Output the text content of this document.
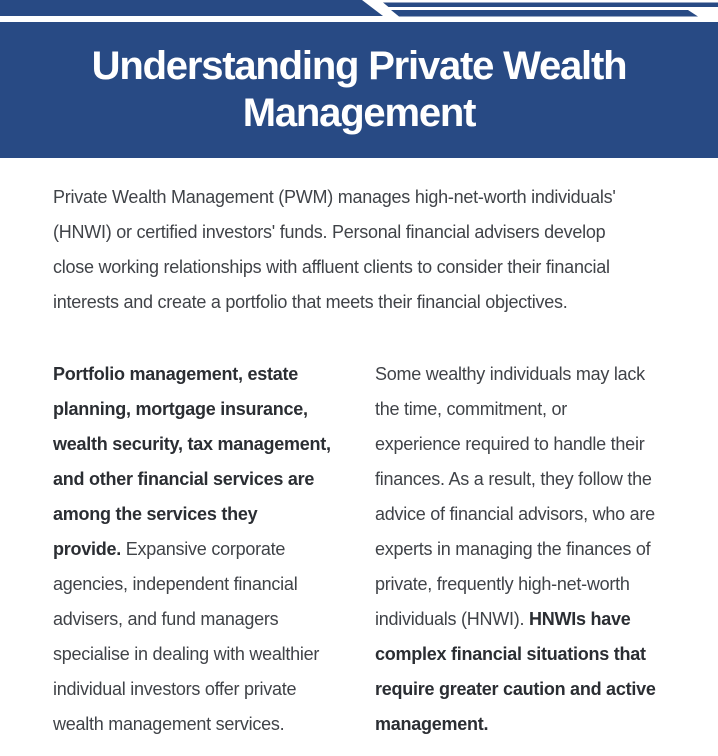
Understanding Private Wealth
Management
Private Wealth Management (PWM) manages high-net-worth individuals'
(HNWI) or certified investors' funds. Personal financial advisers develop
close working relationships with affluent clients to consider their financial
interests and create a portfolio that meets their financial objectives.
Portfolio management, estate
planning, mortgage insurance,
wealth security, tax management,
and other financial services are
among the services they
provide. Expansive corporate
agencies, independent financial
advisers, and fund managers
specialise in dealing with wealthier
individual investors offer private
wealth management services.
Some wealthy individuals may lack
the time, commitment, or
experience required to handle their
finances. As a result, they follow the
advice of financial advisors, who are
experts in managing the finances of
private, frequently high-net-worth
individuals (HNWI). HNWIs have
complex financial situations that
require greater caution and active
management.
